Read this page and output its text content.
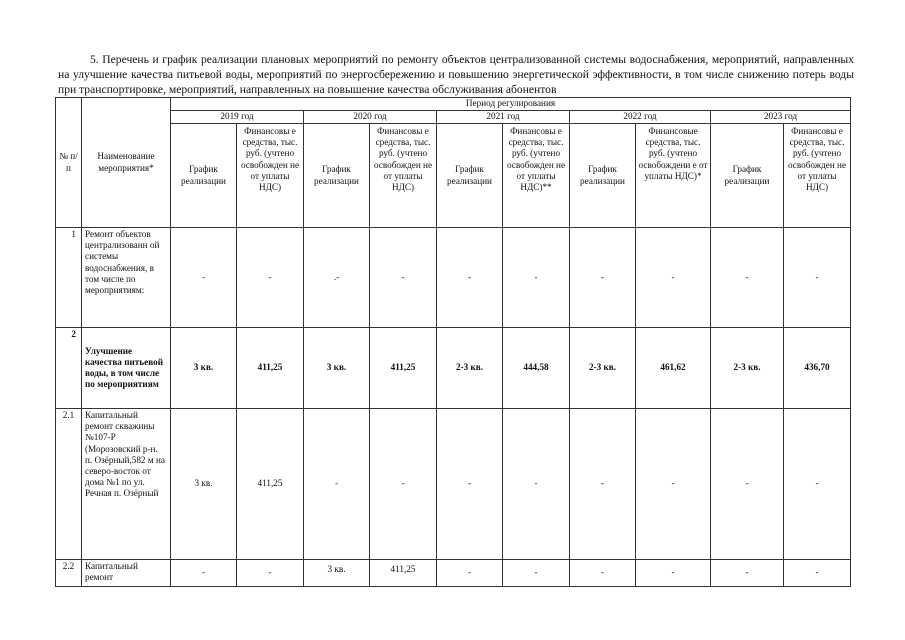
5. Перечень и график реализации плановых мероприятий по ремонту объектов централизованной системы водоснабжения, мероприятий, направленных на улучшение качества питьевой воды, мероприятий по энергосбережению и повышению энергетической эффективности, в том числе снижению потерь воды при транспортировке, мероприятий, направленных на повышение качества обслуживания абонентов

№ п/п	Наименование мероприятия*	Период регулирования									
		2019 год		2020 год		2021 год		2022 год		2023 год	
		График реализации	Финансовы е средства, тыс. руб. (учтено освобожден не от уплаты НДС)	График реализации	Финансовы е средства, тыс. руб. (учтено освобожден не от уплаты НДС)	График реализации	Финансовы е средства, тыс. руб. (учтено освобожден не от уплаты НДС)**	График реализации	Финансовые средства, тыс. руб. (учтено освобождени е от уплаты НДС)*	График реализации	Финансовы е средства, тыс. руб. (учтено освобожден не от уплаты НДС)
1	Ремонт объектов централизованн ой системы водоснабжения, в том числе по мероприятиям:	-	-	.-	-	-	-	-	-	-	-
2	Улучшение качества питьевой воды, в том числе по мероприятиям	3 кв.	411,25	3 кв.	411,25	2-3 кв.	444,58	2-3 кв.	461,62	2-3 кв.	436,70
2.1	Капитальный ремонт скважины №107-Р (Морозовский р-н. п. Озёрный,582 м на северо-восток от дома №1 по ул. Речная п. Озёрный	3 кв.	411,25	-	-	-	-	-	-	-	-
2.2	Капитальный ремонт	-	-	3 кв.	411,25	-	-	-	-	-	-
